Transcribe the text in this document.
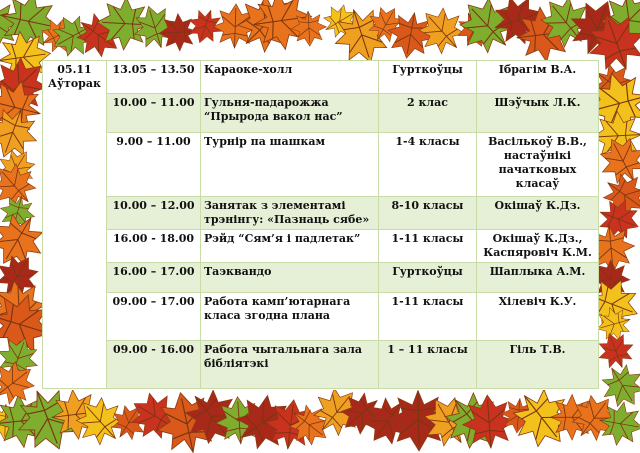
05.11
Аўторак	13.05 – 13.50	Караоке-холл	Гурткоўцы	Ібрагім В.А.
	10.00 – 11.00	Гульня-падарожжа “Прырода вакол нас”	2 клас	Шэўчык Л.К.
	9.00 – 11.00	Турнір па шашкам	1-4 класы	Васількоў В.В., настаўнікі пачатковых класаў
	10.00 – 12.00	Занятак з элементамі трэнінгу: «Пазнаць сябе»	8-10 класы	Окішаў К.Дз.
	16.00 - 18.00	Рэйд “Сям’я і падлетак”	1-11 класы	Окішаў К.Дз., Каспяровіч К.М.
	16.00 – 17.00	Таэквандо	Гурткоўцы	Шаплыка А.М.
	09.00 – 17.00	Работа камп’ютарнага класа згодна плана	1-11 класы	Хілевіч К.У.
	09.00 - 16.00	Работа чытальнага зала бібліятэкі	1 – 11 класы	Гіль Т.В.
